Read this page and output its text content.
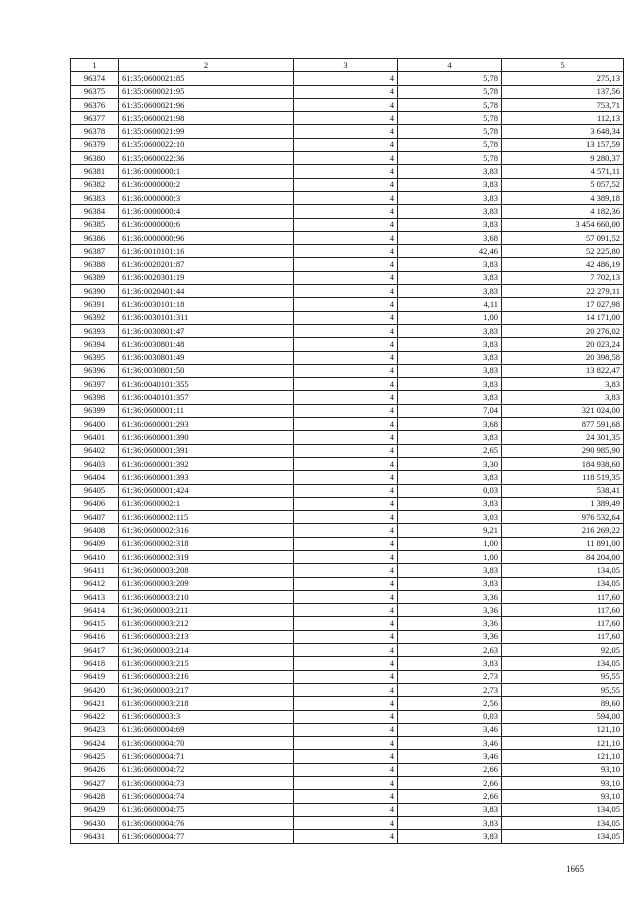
1	2	3	4	5
96374	61:35:0600021:85	4	5,78	275,13
96375	61:35:0600021:95	4	5,78	137,56
96376	61:35:0600021:96	4	5,78	753,71
96377	61:35:0600021:98	4	5,78	112,13
96378	61:35:0600021:99	4	5,78	3 648,34
96379	61:35:0600022:10	4	5,78	13 157,59
96380	61:35:0600022:36	4	5,78	9 280,37
96381	61:36:0000000:1	4	3,83	4 571,11
96382	61:36:0000000:2	4	3,83	5 057,52
96383	61:36:0000000:3	4	3,83	4 389,18
96384	61:36:0000000:4	4	3,83	4 182,36
96385	61:36:0000000:6	4	3,83	3 454 660,00
96386	61:36:0000000:96	4	3,68	57 091,52
96387	61:36:0010101:16	4	42,46	52 225,80
96388	61:36:0020201:87	4	3,83	42 486,19
96389	61:36:0020301:19	4	3,83	7 702,13
96390	61:36:0020401:44	4	3,83	22 279,11
96391	61:36:0030101:18	4	4,11	17 027,98
96392	61:36:0030101:311	4	1,00	14 171,00
96393	61:36:0030801:47	4	3,83	20 276,02
96394	61:36:0030801:48	4	3,83	20 023,24
96395	61:36:0030801:49	4	3,83	20 398,58
96396	61:36:0030801:50	4	3,83	13 822,47
96397	61:36:0040101:355	4	3,83	3,83
96398	61:36:0040101:357	4	3,83	3,83
96399	61:36:0600001:11	4	7,04	321 024,00
96400	61:36:0600001:293	4	3,68	877 591,68
96401	61:36:0600001:390	4	3,83	24 301,35
96402	61:36:0600001:391	4	2,65	290 985,90
96403	61:36:0600001:392	4	3,30	184 938,60
96404	61:36:0600001:393	4	3,83	118 519,35
96405	61:36:0600001:424	4	0,03	538,41
96406	61:36:0600002:1	4	3,83	1 389,49
96407	61:36:0600002:115	4	3,03	976 532,64
96408	61:36:0600002:316	4	9,21	216 269,22
96409	61:36:0600002:318	4	1,00	11 891,00
96410	61:36:0600002:319	4	1,00	84 204,00
96411	61:36:0600003:208	4	3,83	134,05
96412	61:36:0600003:209	4	3,83	134,05
96413	61:36:0600003:210	4	3,36	117,60
96414	61:36:0600003:211	4	3,36	117,60
96415	61:36:0600003:212	4	3,36	117,60
96416	61:36:0600003:213	4	3,36	117,60
96417	61:36:0600003:214	4	2,63	92,05
96418	61:36:0600003:215	4	3,83	134,05
96419	61:36:0600003:216	4	2,73	95,55
96420	61:36:0600003:217	4	2,73	95,55
96421	61:36:0600003:218	4	2,56	89,60
96422	61:36:0600003:3	4	0,03	594,00
96423	61:36:0600004:69	4	3,46	121,10
96424	61:36:0600004:70	4	3,46	121,10
96425	61:36:0600004:71	4	3,46	121,10
96426	61:36:0600004:72	4	2,66	93,10
96427	61:36:0600004:73	4	2,66	93,10
96428	61:36:0600004:74	4	2,66	93,10
96429	61:36:0600004:75	4	3,83	134,05
96430	61:36:0600004:76	4	3,83	134,05
96431	61:36:0600004:77	4	3,83	134,05
1665
